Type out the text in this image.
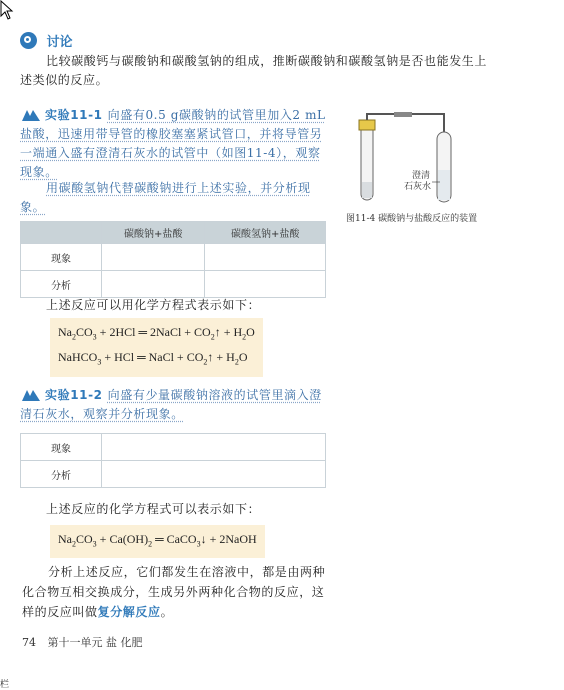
讨论
比较碳酸钙与碳酸钠和碳酸氢钠的组成，推断碳酸钠和碳酸氢钠是否也能发生上述类似的反应。
实验11-1 向盛有0.5 g碳酸钠的试管里加入2 mL盐酸，迅速用带导管的橡胶塞塞紧试管口，并将导管另一端通入盛有澄清石灰水的试管中（如图11-4），观察现象。
用碳酸氢钠代替碳酸钠进行上述实验，并分析现象。
澄清
石灰水
图11-4 碳酸钠与盐酸反应的装置
	碳酸钠+盐酸	碳酸氢钠+盐酸
现象		
分析		
上述反应可以用化学方程式表示如下：
$Na_2CO_3 + 2HCl$ ═ 2NaCl + $CO_2↑ + H_2O$
NaHCO$_3$ + HCl ═ NaCl + $CO_2↑ + H_2O$
实验11-2 向盛有少量碳酸钠溶液的试管里滴入澄清石灰水，观察并分析现象。
现象	
分析	
上述反应的化学方程式可以表示如下：
$Na_2CO_3 + Ca(OH)_2$ ═ CaCO$_3$↓ + 2NaOH
分析上述反应，它们都发生在溶液中，都是由两种化合物互相交换成分，生成另外两种化合物的反应，这样的反应叫做复分解反应。
74 第十一单元 盐 化肥
栏
